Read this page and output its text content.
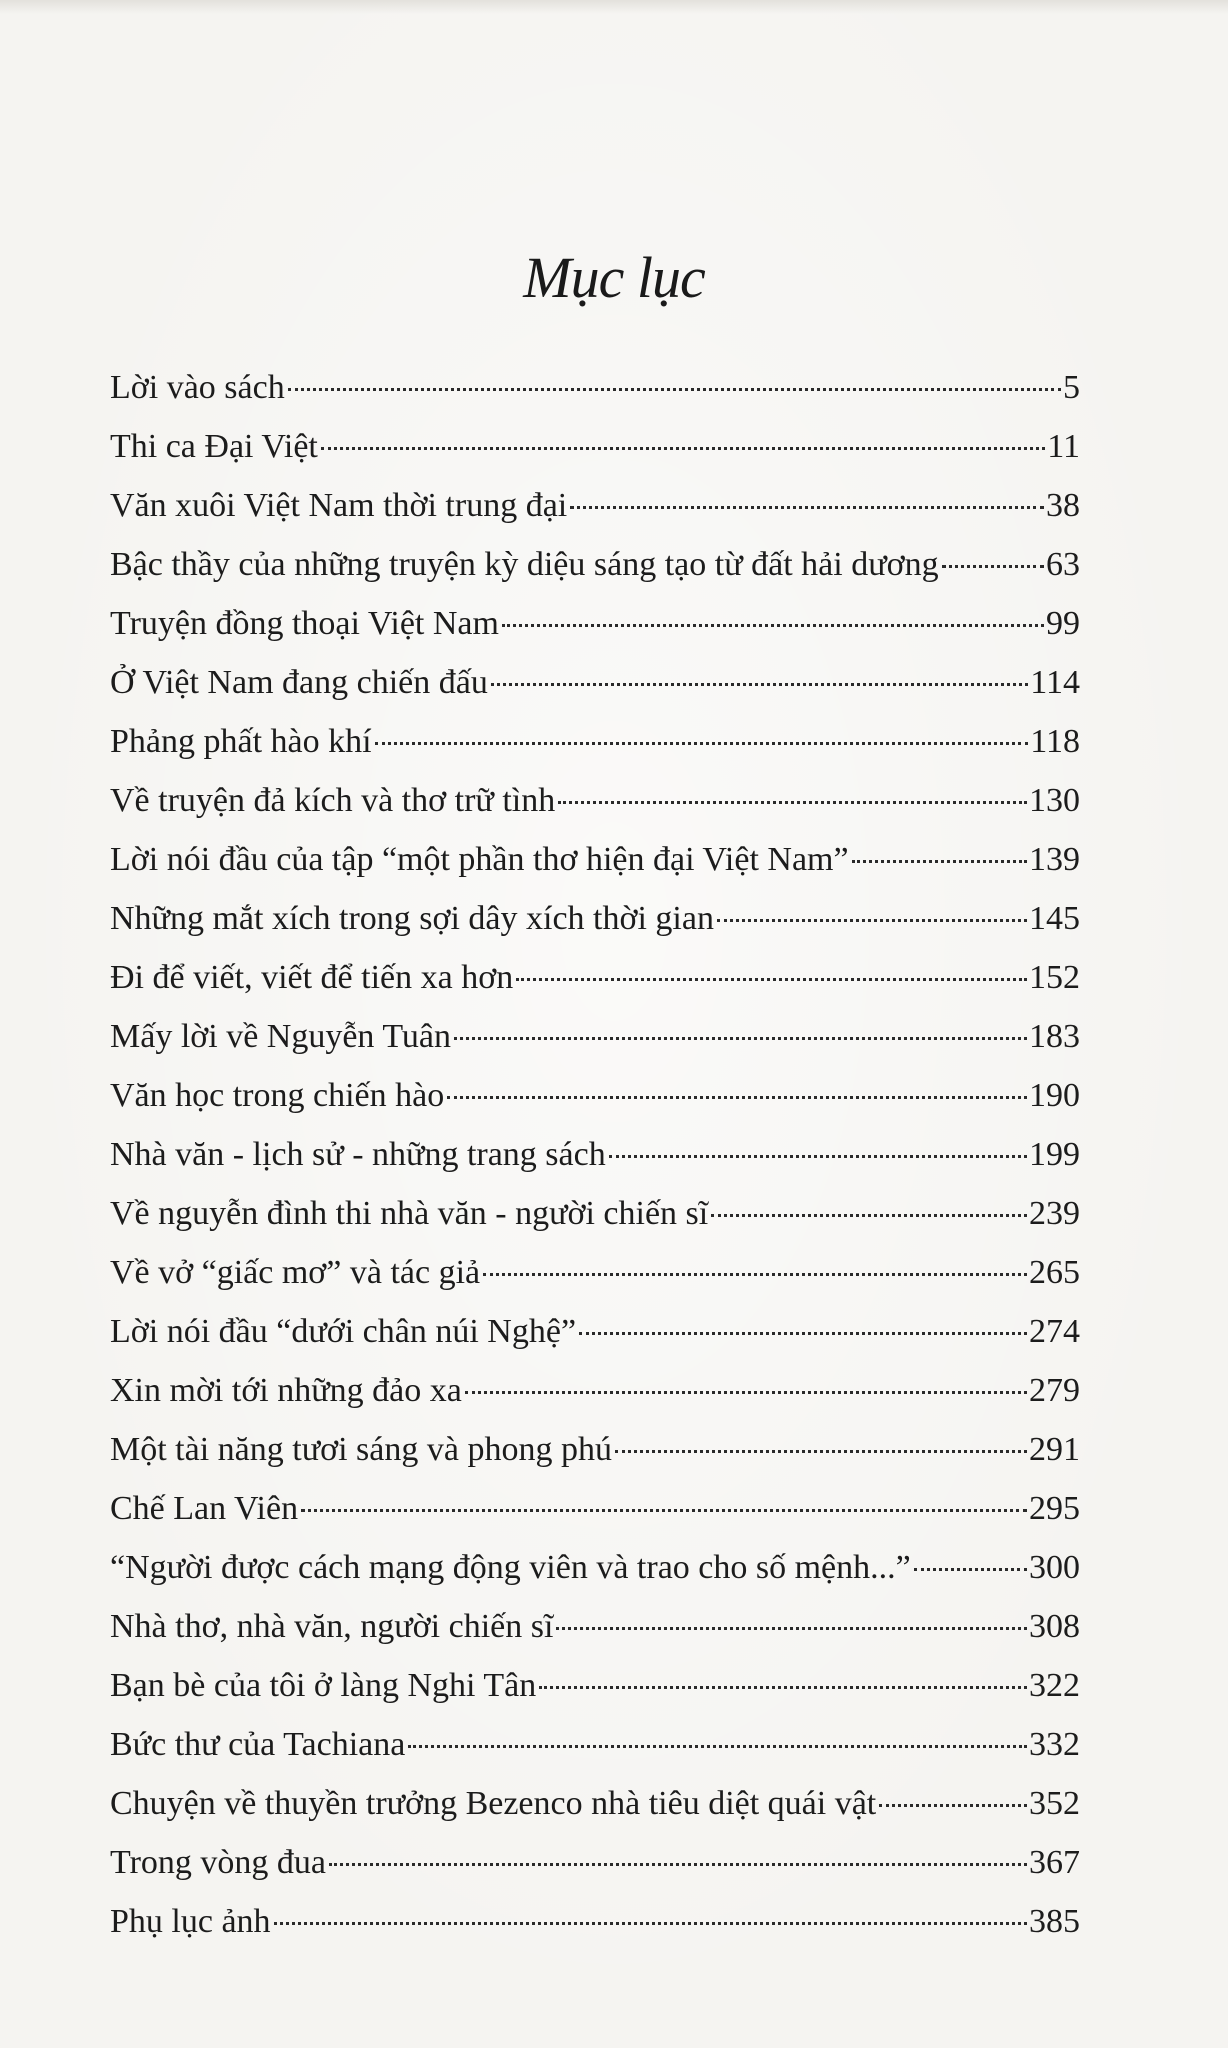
Mục lục
Lời vào sách	5
Thi ca Đại Việt	11
Văn xuôi Việt Nam thời trung đại	38
Bậc thầy của những truyện kỳ diệu sáng tạo từ đất hải dương	63
Truyện đồng thoại Việt Nam	99
Ở Việt Nam đang chiến đấu	114
Phảng phất hào khí	118
Về truyện đả kích và thơ trữ tình	130
Lời nói đầu của tập “một phần thơ hiện đại Việt Nam”	139
Những mắt xích trong sợi dây xích thời gian	145
Đi để viết, viết để tiến xa hơn	152
Mấy lời về Nguyễn Tuân	183
Văn học trong chiến hào	190
Nhà văn - lịch sử - những trang sách	199
Về nguyễn đình thi nhà văn - người chiến sĩ	239
Về vở “giấc mơ” và tác giả	265
Lời nói đầu “dưới chân núi Nghệ”	274
Xin mời tới những đảo xa	279
Một tài năng tươi sáng và phong phú	291
Chế Lan Viên	295
“Người được cách mạng động viên và trao cho số mệnh...”	300
Nhà thơ, nhà văn, người chiến sĩ	308
Bạn bè của tôi ở làng Nghi Tân	322
Bức thư của Tachiana	332
Chuyện về thuyền trưởng Bezenco nhà tiêu diệt quái vật	352
Trong vòng đua	367
Phụ lục ảnh	385
